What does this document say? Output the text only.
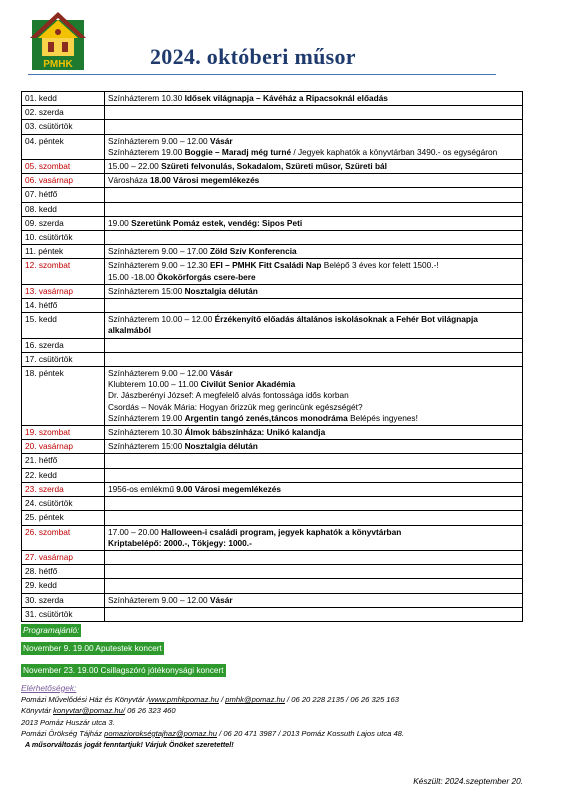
PMHK	2024. októberi műsor
01. kedd	Színházterem 10.30 Idősek világnapja – Kávéház a Ripacsoknál előadás

02. szerda	
03. csütörtök	
04. péntek	Színházterem 9.00 – 12.00 Vásár
Színházterem 19.00 Boggie – Maradj még turné / Jegyek kaphatók a könyvtárban 3490.- os egységáron

05. szombat	15.00 – 22.00 Szüreti felvonulás, Sokadalom, Szüreti műsor, Szüreti bál

06. vasárnap	Városháza 18.00 Városi megemlékezés

07. hétfő	
08. kedd	
09. szerda	19.00 Szeretünk Pomáz estek, vendég: Sipos Peti

10. csütörtök	
11. péntek	Színházterem 9.00 – 17.00 Zöld Szív Konferencia

12. szombat	Színházterem 9.00 – 12.30 EFI – PMHK Fitt Családi Nap Belépő 3 éves kor felett 1500.-!
15.00 -18.00 Ökokörforgás csere-bere

13. vasárnap	Színházterem 15:00 Nosztalgia délután

14. hétfő	
15. kedd	Színházterem 10.00 – 12.00 Érzékenyítő előadás általános iskolásoknak a Fehér Bot világnapja alkalmából

16. szerda	
17. csütörtök	
18. péntek	Színházterem 9.00 – 12.00 Vásár
Klubterem 10.00 – 11.00 Civilút Senior Akadémia
Dr. Jászberényi József: A megfelelő alvás fontossága idős korban
Csordás – Novák Mária: Hogyan őrizzük meg gerincünk egészségét?
Színházterem 19.00 Argentin tangó zenés,táncos monodráma Belépés ingyenes!

19. szombat	Színházterem 10.30 Álmok bábszínháza: Unikó kalandja

20. vasárnap	Színházterem 15:00 Nosztalgia délután

21. hétfő	
22. kedd	
23. szerda	1956-os emlékmű 9.00 Városi megemlékezés

24. csütörtök	
25. péntek	
26. szombat	17.00 – 20.00 Halloween-i családi program, jegyek kaphatók a könyvtárban
Kriptabelépő: 2000.-, Tökjegy: 1000.-

27. vasárnap	
28. hétfő	
29. kedd	
30. szerda	Színházterem 9.00 – 12.00 Vásár

31. csütörtök	
Programajánló:
November 9. 19.00 Aputestek koncert
November 23. 19.00 Csillagszóró jótékonysági koncert
Elérhetőségek:
Pomázi Művelődési Ház és Könyvtár /www.pmhkpomaz.hu / pmhk@pomaz.hu / 06 20 228 2135 / 06 26 325 163
Könyvtár konyvtar@pomaz.hu/ 06 26 323 460
2013 Pomáz Huszár utca 3.
Pomázi Örökség Tájház pomaziorokségtajhaz@pomaz.hu / 06 20 471 3987 / 2013 Pomáz Kossuth Lajos utca 48.
A műsorváltozás jogát fenntartjuk! Várjuk Önöket szeretettel!
Készült: 2024.szeptember 20.
